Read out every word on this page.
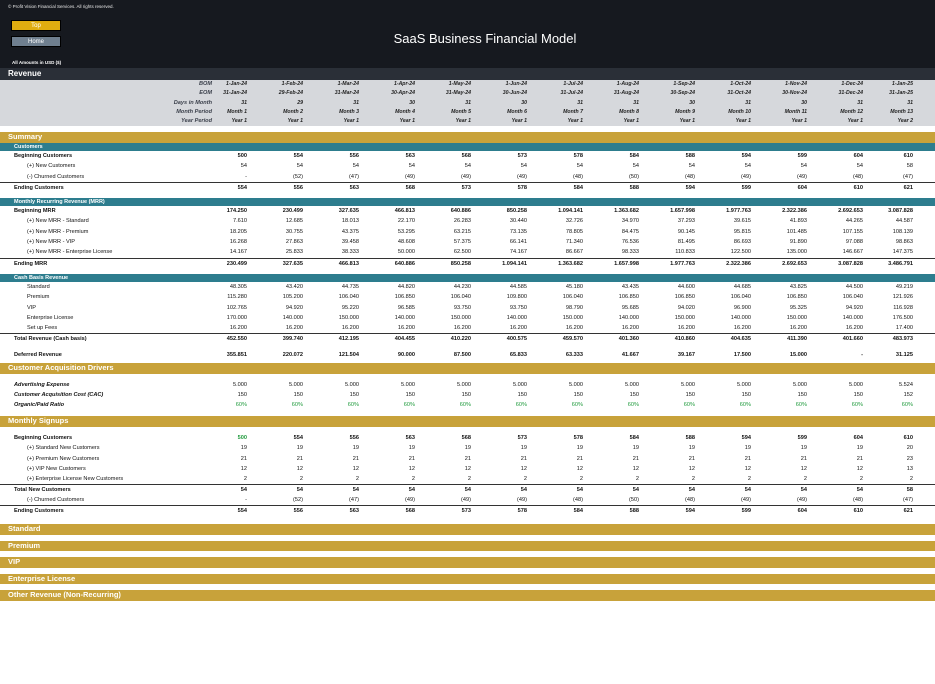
© Profit Vision Financial Services. All rights reserved.
Top
Home	SaaS Business Financial Model
All Amounts in USD ($)
Revenue
BOM	1-Jan-24	1-Feb-24	1-Mar-24	1-Apr-24	1-May-24	1-Jun-24	1-Jul-24	1-Aug-24	1-Sep-24	1-Oct-24	1-Nov-24	1-Dec-24	1-Jan-25
EOM	31-Jan-24	29-Feb-24	31-Mar-24	30-Apr-24	31-May-24	30-Jun-24	31-Jul-24	31-Aug-24	30-Sep-24	31-Oct-24	30-Nov-24	31-Dec-24	31-Jan-25
Days in Month	31	29	31	30	31	30	31	31	30	31	30	31	31
Month Period	Month 1	Month 2	Month 3	Month 4	Month 5	Month 6	Month 7	Month 8	Month 9	Month 10	Month 11	Month 12	Month 13
Year Period	Year 1	Year 1	Year 1	Year 1	Year 1	Year 1	Year 1	Year 1	Year 1	Year 1	Year 1	Year 1	Year 2
Summary
Customers
Beginning Customers	500	554	556	563	568	573	578	584	588	594	599	604	610
(+) New Customers	54	54	54	54	54	54	54	54	54	54	54	54	58
(-) Churned Customers	-	(52)	(47)	(49)	(49)	(49)	(48)	(50)	(48)	(49)	(49)	(48)	(47)
Ending Customers	554	556	563	568	573	578	584	588	594	599	604	610	621
Monthly Recurring Revenue (MRR)
Beginning MRR	174.250	230.499	327.635	466.813	640.886	850.258	1.094.141	1.363.682	1.657.998	1.977.763	2.322.386	2.692.653	3.087.828
(+) New MRR - Standard	7.610	12.685	18.013	22.170	26.283	30.440	32.726	34.970	37.293	39.615	41.893	44.265	44.587
(+) New MRR - Premium	18.205	30.755	43.375	53.295	63.215	73.135	78.805	84.475	90.145	95.815	101.485	107.155	108.139
(+) New MRR - VIP	16.268	27.863	39.458	48.608	57.375	66.141	71.340	76.536	81.495	86.693	91.890	97.088	98.863
(+) New MRR - Enterprise License	14.167	25.833	38.333	50.000	62.500	74.167	86.667	98.333	110.833	122.500	135.000	146.667	147.375
Ending MRR	230.499	327.635	466.813	640.886	850.258	1.094.141	1.363.682	1.657.998	1.977.763	2.322.386	2.692.653	3.087.828	3.486.791
Cash Basis Revenue
Standard	48.305	43.420	44.735	44.820	44.230	44.585	45.180	43.435	44.600	44.685	43.825	44.500	49.219
Premium	115.280	105.200	106.040	106.850	106.040	109.800	106.040	106.850	106.850	106.040	106.850	106.040	121.926
VIP	102.765	94.920	95.220	96.585	93.750	93.750	98.790	95.685	94.020	96.900	95.325	94.920	116.928
Enterprise License	170.000	140.000	150.000	140.000	150.000	140.000	150.000	140.000	150.000	140.000	150.000	140.000	176.500
Set up Fees	16.200	16.200	16.200	16.200	16.200	16.200	16.200	16.200	16.200	16.200	16.200	16.200	17.400
Total Revenue (Cash basis)	452.550	399.740	412.195	404.455	410.220	400.575	459.570	401.360	410.860	404.635	411.390	401.660	483.973
Deferred Revenue	355.851	220.072	121.504	90.000	87.500	65.833	63.333	41.667	39.167	17.500	15.000	-	31.125
Customer Acquisition Drivers
Advertising Expense	5.000	5.000	5.000	5.000	5.000	5.000	5.000	5.000	5.000	5.000	5.000	5.000	5.524
Customer Acquisition Cost (CAC)	150	150	150	150	150	150	150	150	150	150	150	150	152
Organic/Paid Ratio	60%	60%	60%	60%	60%	60%	60%	60%	60%	60%	60%	60%	60%
Monthly Signups
Beginning Customers	500	554	556	563	568	573	578	584	588	594	599	604	610
(+) Standard New Customers	19	19	19	19	19	19	19	19	19	19	19	19	20
(+) Premium New Customers	21	21	21	21	21	21	21	21	21	21	21	21	23
(+) VIP New Customers	12	12	12	12	12	12	12	12	12	12	12	12	13
(+) Enterprise License New Customers	2	2	2	2	2	2	2	2	2	2	2	2	2
Total New Customers	54	54	54	54	54	54	54	54	54	54	54	54	58
(-) Churned Customers	-	(52)	(47)	(49)	(49)	(49)	(48)	(50)	(48)	(49)	(49)	(48)	(47)
Ending Customers	554	556	563	568	573	578	584	588	594	599	604	610	621
Standard
Premium
VIP
Enterprise License
Other Revenue (Non-Recurring)
